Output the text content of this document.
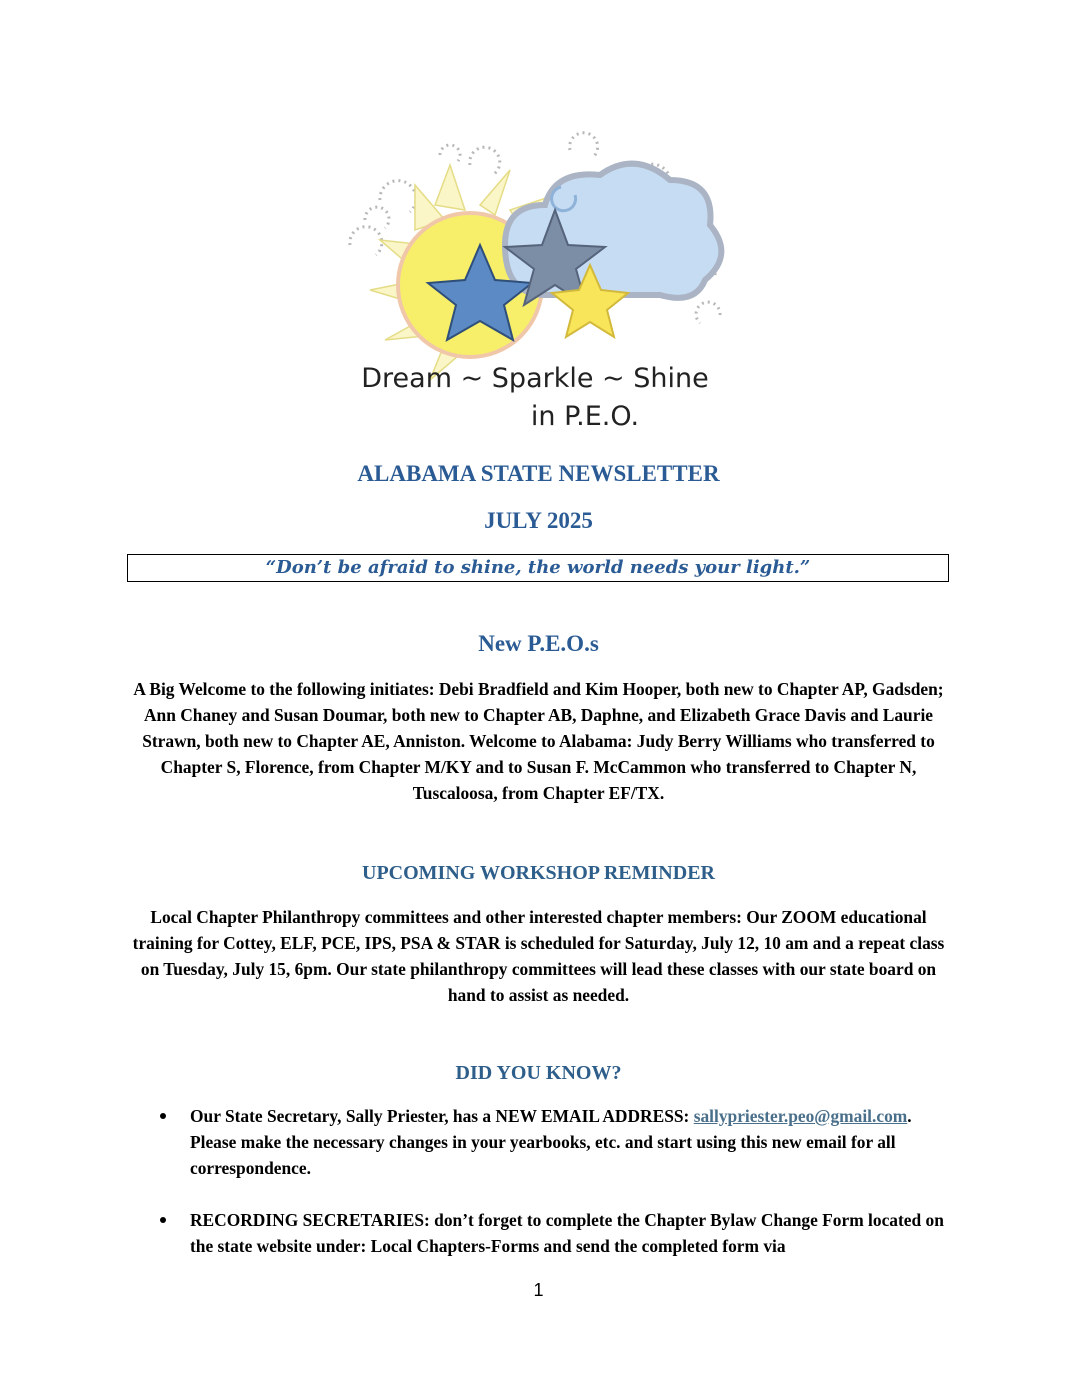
Dream ~ Sparkle ~ Shine
in P.E.O.
ALABAMA STATE NEWSLETTER
JULY 2025
“Don’t be afraid to shine, the world needs your light.”
New P.E.O.s
A Big Welcome to the following initiates: Debi Bradfield and Kim Hooper, both new to Chapter AP, Gadsden; Ann Chaney and Susan Doumar, both new to Chapter AB, Daphne, and Elizabeth Grace Davis and Laurie Strawn, both new to Chapter AE, Anniston. Welcome to Alabama: Judy Berry Williams who transferred to Chapter S, Florence, from Chapter M/KY and to Susan F. McCammon who transferred to Chapter N, Tuscaloosa, from Chapter EF/TX.
UPCOMING WORKSHOP REMINDER
Local Chapter Philanthropy committees and other interested chapter members: Our ZOOM educational training for Cottey, ELF, PCE, IPS, PSA & STAR is scheduled for Saturday, July 12, 10 am and a repeat class on Tuesday, July 15, 6pm. Our state philanthropy committees will lead these classes with our state board on hand to assist as needed.
DID YOU KNOW?
Our State Secretary, Sally Priester, has a NEW EMAIL ADDRESS: sallypriester.peo@gmail.com. Please make the necessary changes in your yearbooks, etc. and start using this new email for all correspondence.
RECORDING SECRETARIES: don’t forget to complete the Chapter Bylaw Change Form located on the state website under: Local Chapters-Forms and send the completed form via
1
